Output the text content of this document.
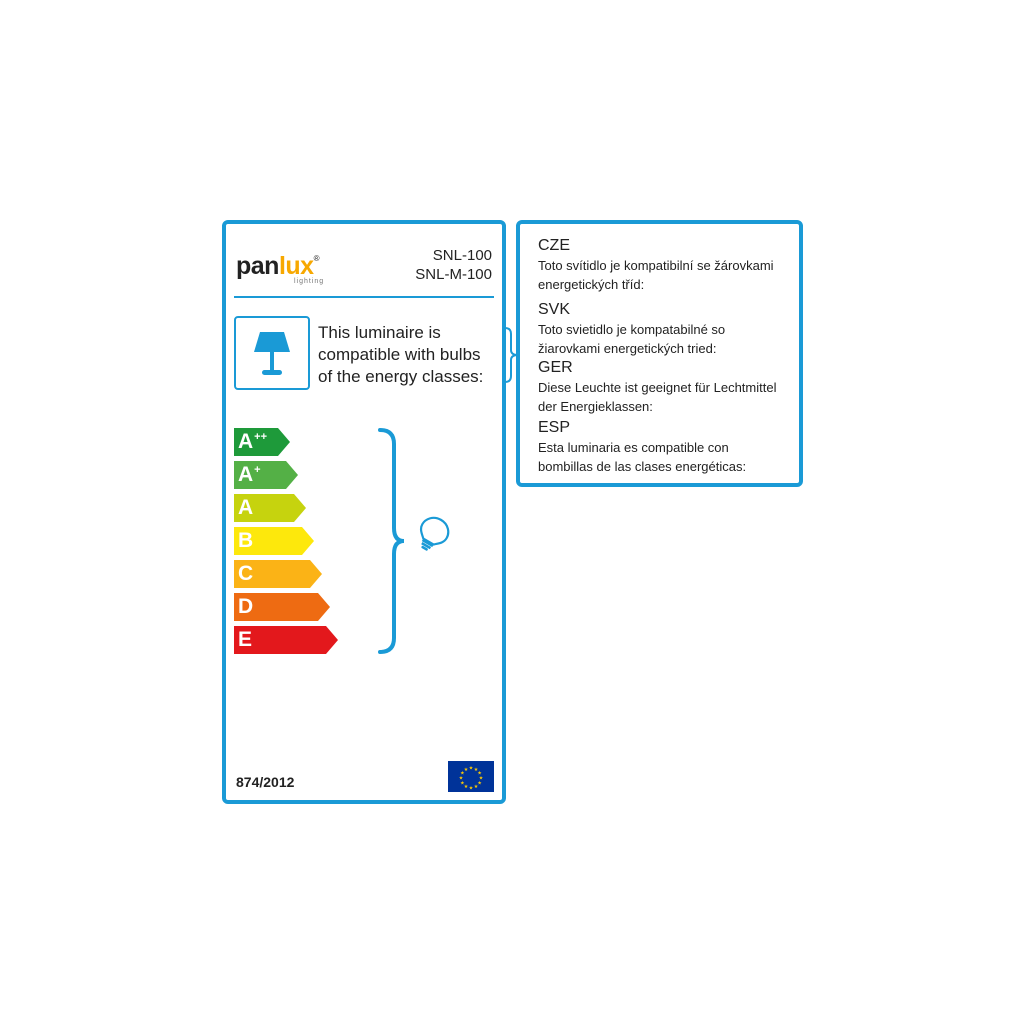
panlux®
lighting
SNL-100
SNL-M-100
This luminaire is compatible with bulbs of the energy classes:
A++
A+
A
B
C
D
E
874/2012
★ ★
★
★
★
★
★
★
★
★
★
★
CZE
Toto svítidlo je kompatibilní se žárovkami energetických tříd:
SVK
Toto svietidlo je kompatabilné so žiarovkami energetických tried:
GER
Diese Leuchte ist geeignet für Lechtmittel der Energieklassen:
ESP
Esta luminaria es compatible con bombillas de las clases energéticas:
